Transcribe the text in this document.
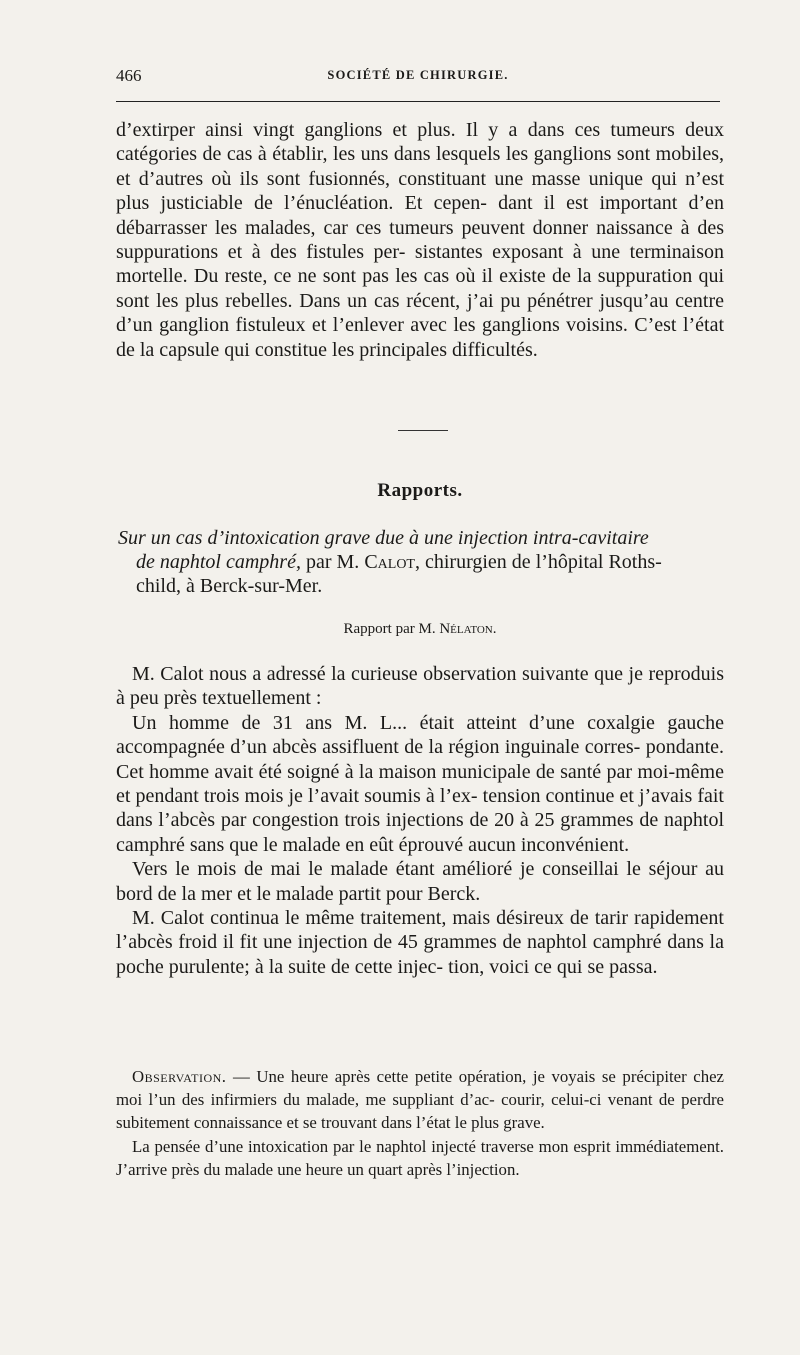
466	SOCIÉTÉ DE CHIRURGIE.

d’extirper ainsi vingt ganglions et plus. Il y a dans ces tumeurs deux catégories de cas à établir, les uns dans lesquels les ganglions sont mobiles, et d’autres où ils sont fusionnés, constituant une masse unique qui n’est plus justiciable de l’énucléation. Et cepen- dant il est important d’en débarrasser les malades, car ces tumeurs peuvent donner naissance à des suppurations et à des fistules per- sistantes exposant à une terminaison mortelle. Du reste, ce ne sont pas les cas où il existe de la suppuration qui sont les plus rebelles. Dans un cas récent, j’ai pu pénétrer jusqu’au centre d’un ganglion fistuleux et l’enlever avec les ganglions voisins. C’est l’état de la capsule qui constitue les principales difficultés.

Rapports.
Sur un cas d’intoxication grave due à une injection intra-cavitaire
de naphtol camphré, par M. Calot, chirurgien de l’hôpital Roths-
child, à Berck-sur-Mer.
Rapport par M. Nélaton.

M. Calot nous a adressé la curieuse observation suivante que je reproduis à peu près textuellement :

Un homme de 31 ans M. L... était atteint d’une coxalgie gauche accompagnée d’un abcès assifluent de la région inguinale corres- pondante. Cet homme avait été soigné à la maison municipale de santé par moi-même et pendant trois mois je l’avait soumis à l’ex- tension continue et j’avais fait dans l’abcès par congestion trois injections de 20 à 25 grammes de naphtol camphré sans que le malade en eût éprouvé aucun inconvénient.

Vers le mois de mai le malade étant amélioré je conseillai le séjour au bord de la mer et le malade partit pour Berck.

M. Calot continua le même traitement, mais désireux de tarir rapidement l’abcès froid il fit une injection de 45 grammes de naphtol camphré dans la poche purulente; à la suite de cette injec- tion, voici ce qui se passa.

Observation. — Une heure après cette petite opération, je voyais se précipiter chez moi l’un des infirmiers du malade, me suppliant d’ac- courir, celui-ci venant de perdre subitement connaissance et se trouvant dans l’état le plus grave.

La pensée d’une intoxication par le naphtol injecté traverse mon esprit immédiatement. J’arrive près du malade une heure un quart après l’injection.
